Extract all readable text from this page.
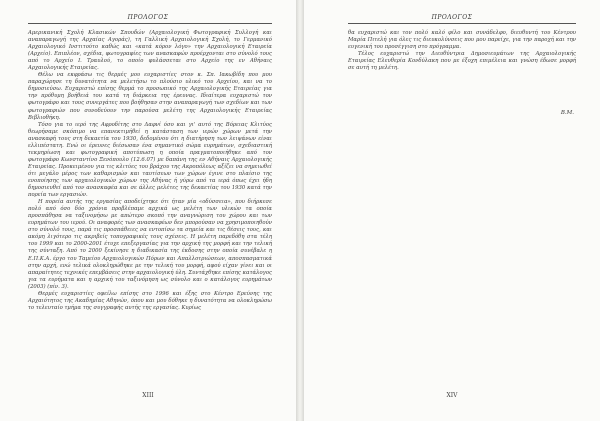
ΠΡΟΛΟΓΟΣ

Αμερικανική Σχολή Κλασικών Σπουδών (Αρχαιολογική Φωτογραφική Συλλογή και αναπαραγωγή της Αρχαίας Αγοράς), τη Γαλλική Αρχαιολογική Σχολή, το Γερμανικό Αρχαιολογικό Ινστιτούτο καθώς και «κατά κόρον λόγο» την Αρχαιολογική Εταιρεία (Αρχείο). Επιπλέον, σχέδια, φωτογραφίες των ανασκαφών προέρχονται στο σύνολό τους από το Αρχείο Ι. Τραυλού, το οποίο φυλάσσεται στο Αρχείο της εν Αθήναις Αρχαιολογικής Εταιρείας.

Θέλω να εκφράσω τις θερμές μου ευχαριστίες στον κ. Σπ. Ιακωβίδη που μου παραχώρησε τη δυνατότητα να μελετήσω το πλούσιο υλικό του Αρχείου, και να το δημοσιεύσω. Ευχαριστώ επίσης θερμά το προσωπικό της Αρχαιολογικής Εταιρείας για την πρόθυμη βοήθειά του κατά τη διάρκεια της έρευνας. Ιδιαίτερα ευχαριστώ τον φωτογράφο και τους συνεργάτες που βοήθησαν στην αναπαραγωγή των σχεδίων και των φωτογραφιών που συνοδεύουν την παρούσα μελέτη της Αρχαιολογικής Εταιρείας Βιβλιοθήκη.

Τόσο για το ιερό της Αφροδίτης στο Δαφνί όσο και γι' αυτό της Βόρειας Κλιτύος θεωρήσαμε σκόπιμο να επανεκτιμήθεί η κατάσταση των ιερών χώρων μετά την ανασκαφή τους στη δεκαετία του 1930, δεδομένου ότι η διατήρηση των λειψάνων είναι ελλιπέστατη. Ενώ οι έρευνες διέσωσαν ένα σημαντικό σώμα ευρημάτων, σχεδιαστική τεκμηρίωση και φωτογραφική αποτύπωση η οποία πραγματοποιήθηκε από τον φωτογράφο Κωνσταντίνο Ξενόπουλο (12.6.07) με δαπάνη της εν Αθήναις Αρχαιολογικής Εταιρείας. Προκειμένου για τις κλιτύες του βράχου της Ακροπόλεως αξίζει να σημειωθεί ότι μεγάλο μέρος των καθαρισμών και ταυτίσεων των χώρων έγινε στο πλαίσιο της ενοποίησης των αρχαιολογικών χώρων της Αθήνας ή γύρω από τα ιερά όπως έχει ήδη δημοσιευθεί από τον ανασκαφέα και σε άλλες μελέτες της δεκαετίας του 1930 κατά την πορεία των εργασιών.

Η πορεία αυτής της εργασίας αποδείχτηκε ότι ήταν μία «οδύσσεια», που διήρκεσε πολύ από όσο δύο χρόνια προβλέπαμε αρχικά ως μελέτη των υλικών τα οποία προσπάθησα να ταξινομήσω με απώτερο σκοπό την αναγνώριση του χώρου και των ευρημάτων του ιερού. Οι αναφορές των ανασκαφέων δεν μπορούσαν να χρησιμοποιηθούν στο σύνολό τους, παρά τις προσπάθειες να εντοπίσω τα σημεία και τις θέσεις τους, και ακόμη λιγότερο τις ακριβείς τοπογραφικές τους σχέσεις. Η μελέτη παρεδόθη στα τέλη του 1999 και το 2000-2001 έτυχε επεξεργασίας για την αρχική της μορφή και την τελική της σύνταξη. Από το 2000 ξεκίνησε η διαδικασία της έκδοσης στην οποία συνέβαλε η Ε.Π.Κ.Α. έργο του Ταμείου Αρχαιολογικών Πόρων και Απαλλοτριώσεων, αποσπασματικά στην αρχή, ενώ τελικά ολοκληρώθηκε με την τελική του μορφή, αφού είχαν γίνει και οι απαραίτητες τεχνικές επεμβάσεις στην αρχαιολογική ύλη. Συντάχθηκε επίσης κατάλογος για τα ευρήματα και η αρχική του ταξινόμηση ως σύνολο και ο κατάλογος ευρημάτων (2003) (πίν. 3).

Θερμές ευχαριστίες οφείλω επίσης στο 1996 και έξης στο Κέντρο Ερεύνης της Αρχαιότητος της Ακαδημίας Αθηνών, όπου και μου δόθηκε η δυνατότητα να ολοκληρώσω το τελευταίο τμήμα της συγγραφής αυτής της εργασίας. Κυρίως

XIII
ΠΡΟΛΟΓΟΣ

θα ευχαριστώ και τον πολύ καλό φίλο και συνάδελφο, διευθυντή του Κέντρου Μαρία Πιτελή για όλες τις διευκολύνσεις που μου παρείχε, για την παροχή και την ευγενική του προσέγγιση στο πρόγραμμα.

Τέλος ευχαριστώ την Διευθύντρια Δημοσιευμάτων της Αρχαιολογικής Εταιρείας Ελευθερία Κονδύλακη που με έξοχη επιμέλεια και γνώση έδωσε μορφή σε αυτή τη μελέτη.

Β.Μ.
XIV
